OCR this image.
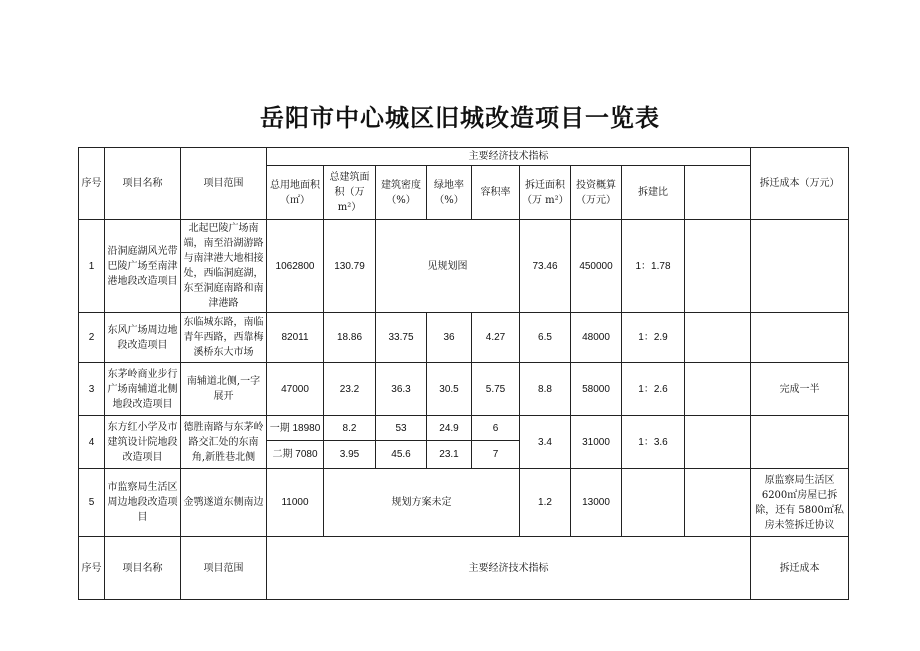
岳阳市中心城区旧城改造项目一览表
序号	项目名称	项目范围	主要经济技术指标									拆迁成本（万元）	
			总用地面积（㎡）	总建筑面积（万 m²）	建筑密度（%）	绿地率（%）	容积率	拆迁面积（万 m²）	投资概算（万元）	拆建比			
1	沿洞庭湖风光带巴陵广场至南津港地段改造项目	北起巴陵广场南端，南至沿湖游路与南津港大地相接处，西临洞庭湖，东至洞庭南路和南津港路	1062800	130.79	见规划图			73.46	450000	1：1.78			
2	东风广场周边地段改造项目	东临城东路，南临青年西路，西靠梅溪桥东大市场	82011	18.86	33.75	36	4.27	6.5	48000	1：2.9			
3	东茅岭商业步行广场南辅道北侧地段改造项目	南辅道北侧,一字展开	47000	23.2	36.3	30.5	5.75	8.8	58000	1：2.6		完成一半	
4	东方红小学及市建筑设计院地段改造项目	德胜南路与东茅岭路交汇处的东南角,新胜巷北侧	一期 18980	8.2	53	24.9	6	3.4	31000	1：3.6			
			二期 7080	3.95	45.6	23.1	7						
5	市监察局生活区周边地段改造项目	金鹗遂道东侧南边	11000	规划方案未定				1.2	13000			原监察局生活区 6200㎡房屋已拆除，还有 5800㎡私房未签拆迁协议	
序号	项目名称	项目范围	主要经济技术指标									拆迁成本	
